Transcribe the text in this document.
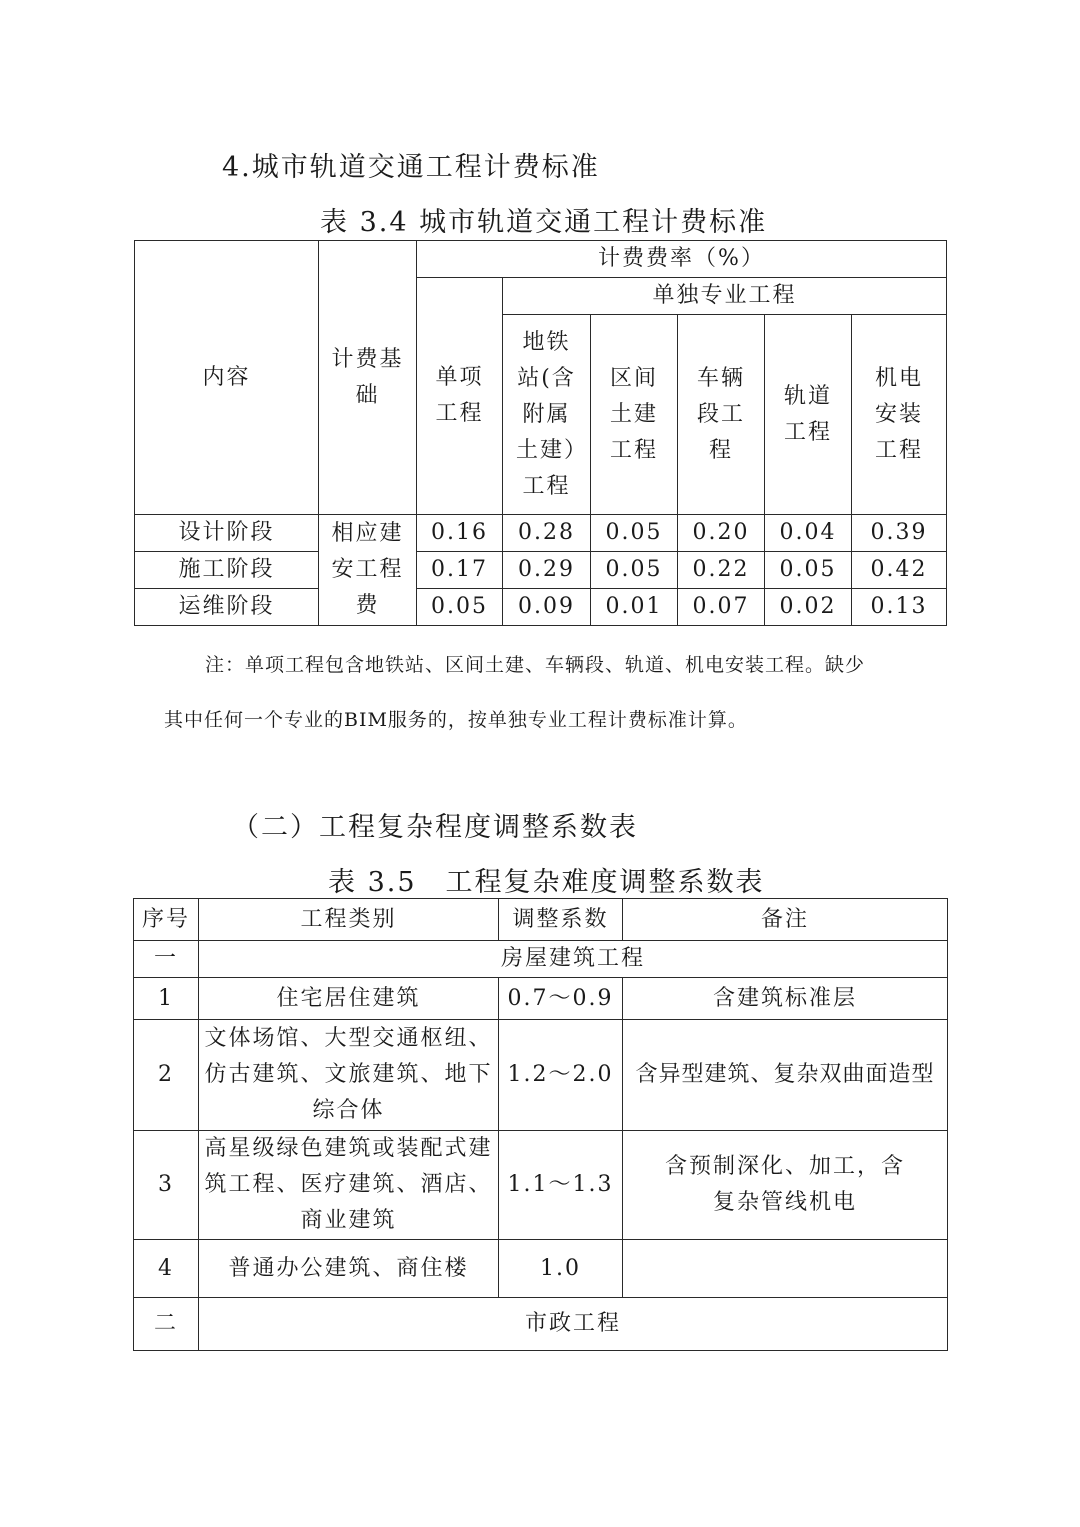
4.城市轨道交通工程计费标准
表 3.4 城市轨道交通工程计费标准
内容	计费基础	计费费率（%）					
		单项工程	单独专业工程				
			地铁站(含附属土建）工程	区间土建工程	车辆段工程	轨道工程	机电安装工程
设计阶段	相应建安工程费	0.16	0.28	0.05	0.20	0.04	0.39
施工阶段		0.17	0.29	0.05	0.22	0.05	0.42
运维阶段		0.05	0.09	0.01	0.07	0.02	0.13
注：单项工程包含地铁站、区间土建、车辆段、轨道、机电安装工程。缺少
其中任何一个专业的BIM服务的，按单独专业工程计费标准计算。
（二）工程复杂程度调整系数表
表 3.5　工程复杂难度调整系数表
序号	工程类别	调整系数	备注
一	房屋建筑工程		
1	住宅居住建筑	0.7～0.9	含建筑标准层
2	文体场馆、大型交通枢纽、仿古建筑、文旅建筑、地下综合体	1.2～2.0	含异型建筑、复杂双曲面造型
3	高星级绿色建筑或装配式建筑工程、医疗建筑、酒店、商业建筑	1.1～1.3	含预制深化、加工，含复杂管线机电
4	普通办公建筑、商住楼	1.0	
二	市政工程		
